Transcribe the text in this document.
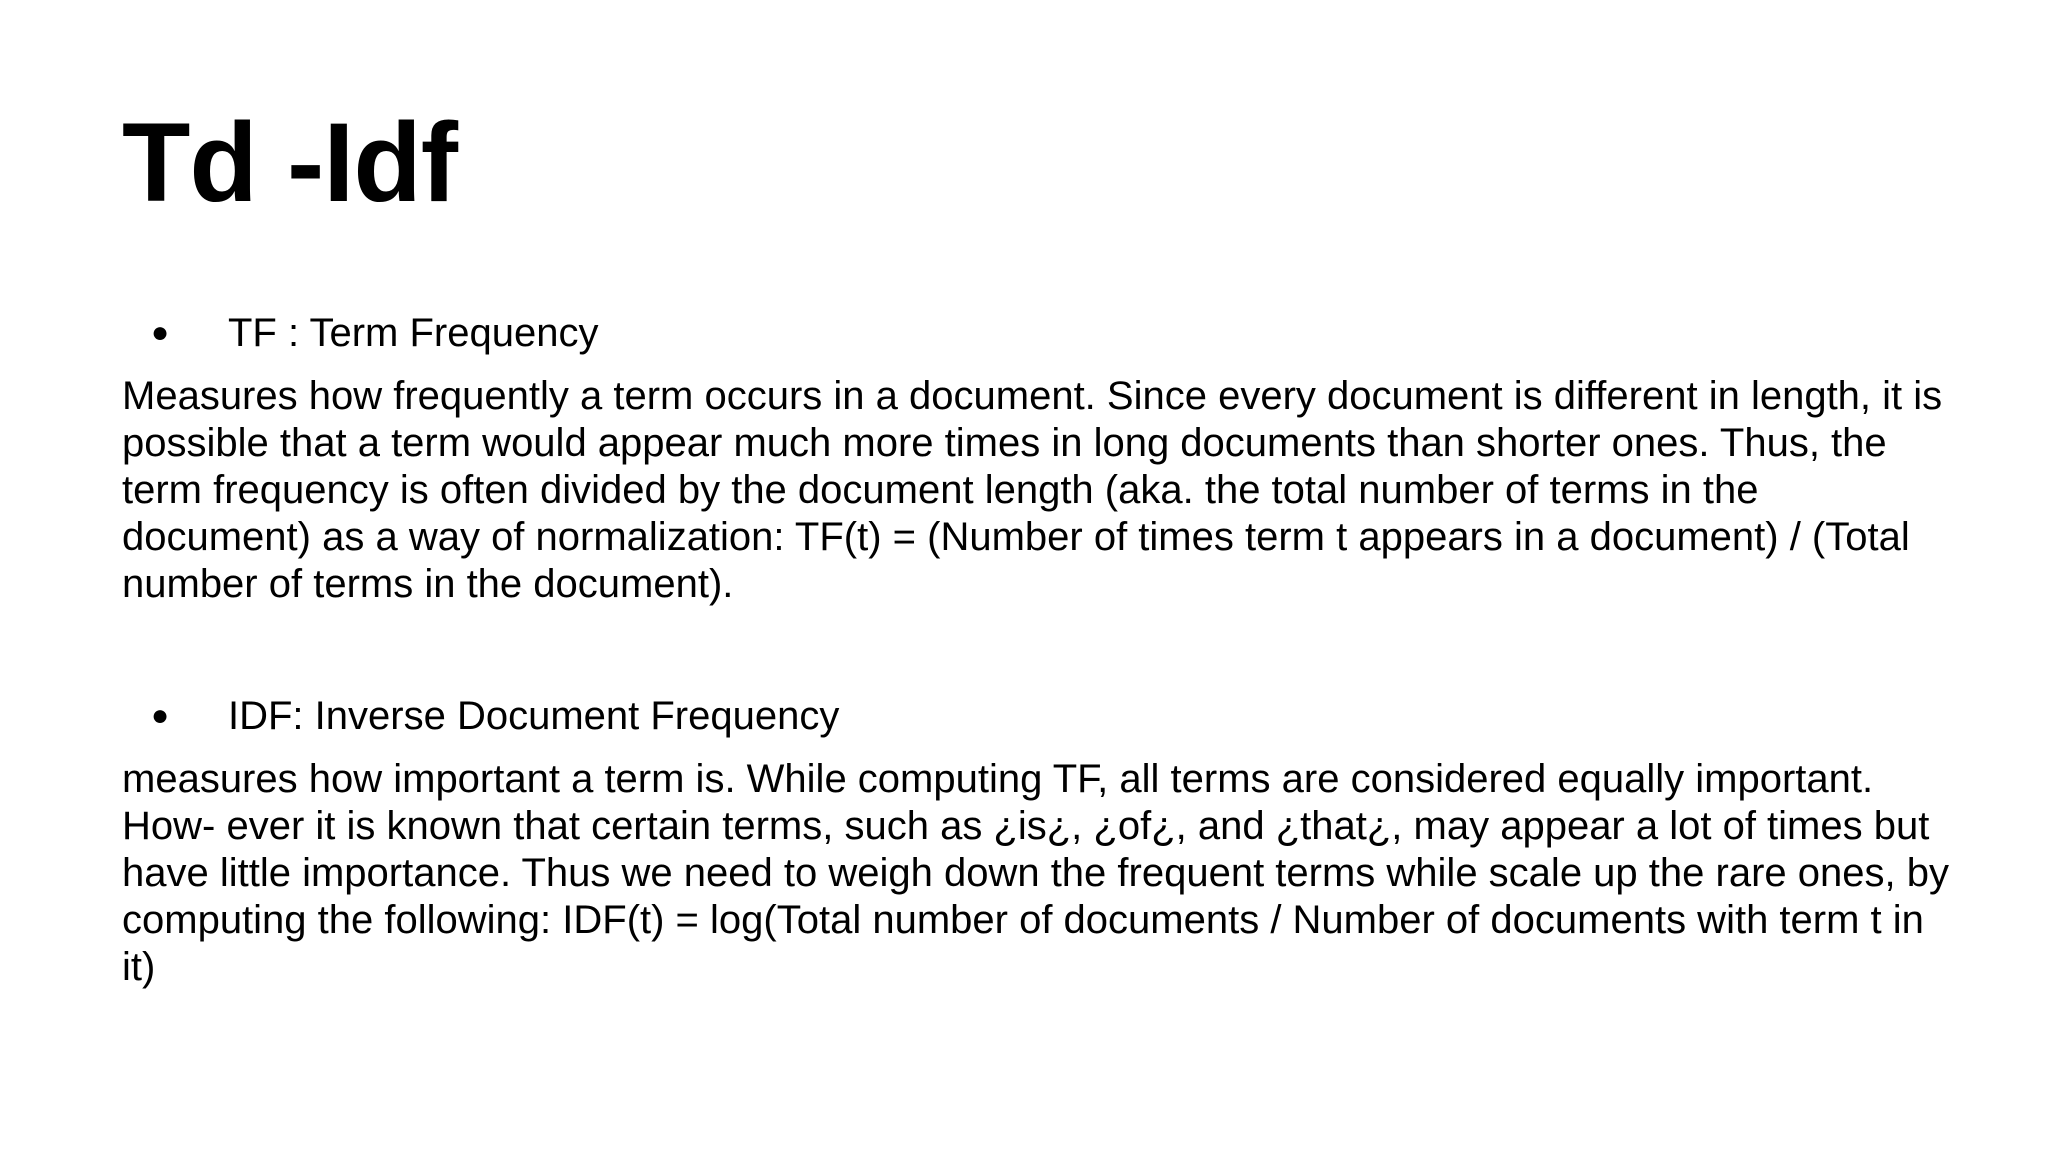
Td -Idf
● TF : Term Frequency

Measures how frequently a term occurs in a document. Since every document is different in length, it is possible that a term would appear much more times in long documents than shorter ones. Thus, the term frequency is often divided by the document length (aka. the total number of terms in the document) as a way of normalization: TF(t) = (Number of times term t appears in a document) / (Total number of terms in the document).

● IDF: Inverse Document Frequency

measures how important a term is. While computing TF, all terms are considered equally important. How- ever it is known that certain terms, such as ¿is¿, ¿of¿, and ¿that¿, may appear a lot of times but have little importance. Thus we need to weigh down the frequent terms while scale up the rare ones, by computing the following: IDF(t) = log(Total number of documents / Number of documents with term t in it)
